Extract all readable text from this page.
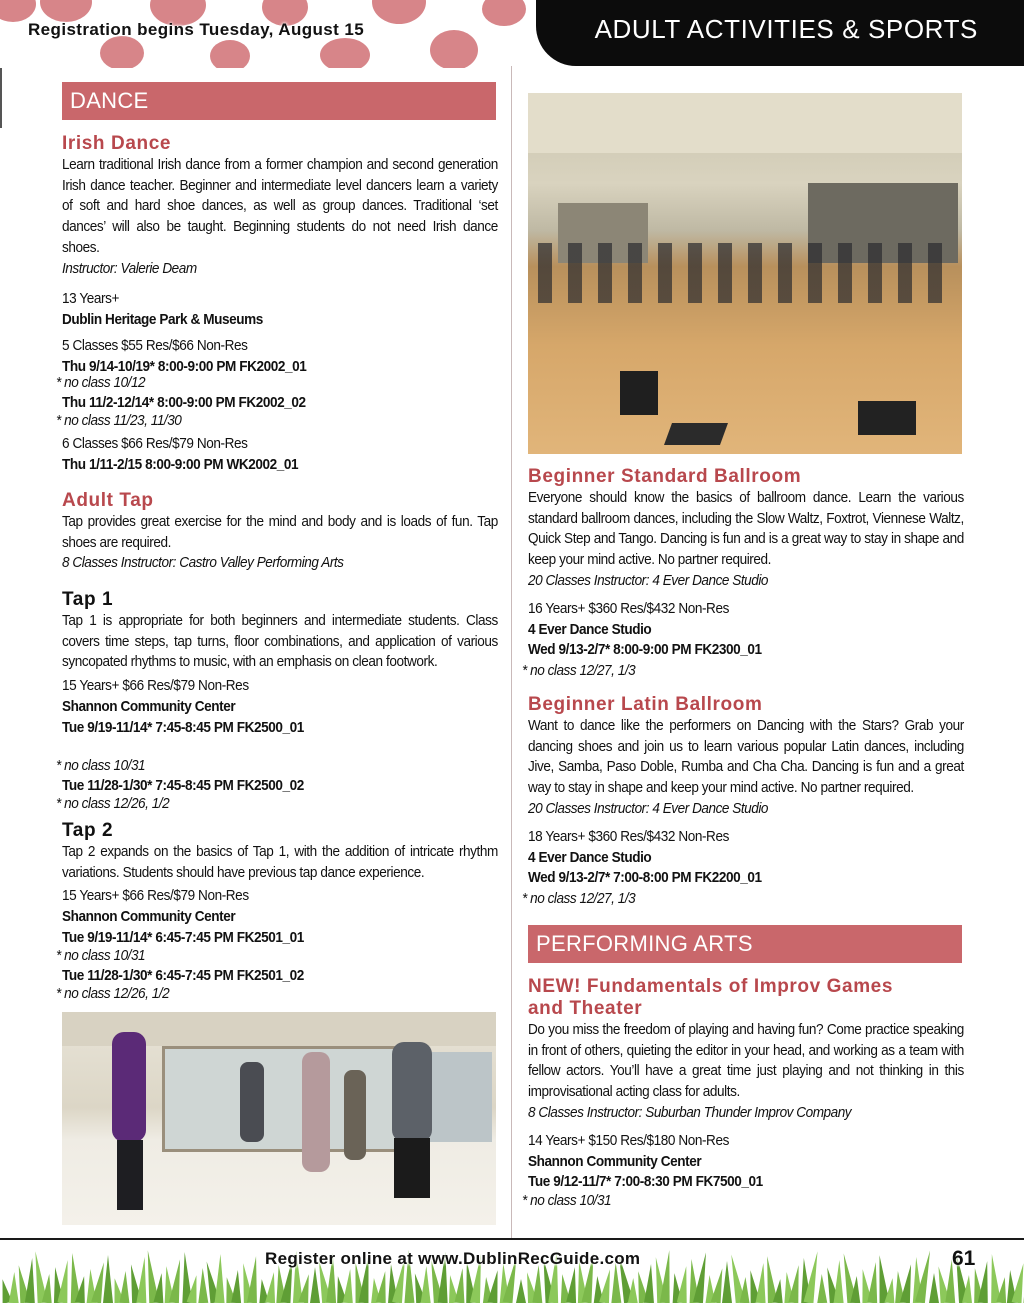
Registration begins Tuesday, August 15	ADULT ACTIVITIES & SPORTS
DANCE
Irish Dance
Learn traditional Irish dance from a former champion and second generation Irish dance teacher. Beginner and intermediate level dancers learn a variety of soft and hard shoe dances, as well as group dances. Traditional ‘set dances’ will also be taught. Beginning students do not need Irish dance shoes.
Instructor: Valerie Deam
13 Years+
Dublin Heritage Park & Museums
5 Classes $55 Res/$66 Non-Res
Thu 9/14-10/19* 8:00-9:00 PM FK2002_01
* no class 10/12
Thu 11/2-12/14* 8:00-9:00 PM FK2002_02
* no class 11/23, 11/30
6 Classes $66 Res/$79 Non-Res
Thu 1/11-2/15 8:00-9:00 PM WK2002_01
Adult Tap
Tap provides great exercise for the mind and body and is loads of fun. Tap shoes are required.
8 Classes Instructor: Castro Valley Performing Arts
Tap 1
Tap 1 is appropriate for both beginners and intermediate students. Class covers time steps, tap turns, floor combinations, and application of various syncopated rhythms to music, with an emphasis on clean footwork.
15 Years+ $66 Res/$79 Non-Res
Shannon Community Center
Tue 9/19-11/14* 7:45-8:45 PM FK2500_01
* no class 10/31
Tue 11/28-1/30* 7:45-8:45 PM FK2500_02
* no class 12/26, 1/2
Tap 2
Tap 2 expands on the basics of Tap 1, with the addition of intricate rhythm variations. Students should have previous tap dance experience.
15 Years+ $66 Res/$79 Non-Res
Shannon Community Center
Tue 9/19-11/14* 6:45-7:45 PM FK2501_01
* no class 10/31
Tue 11/28-1/30* 6:45-7:45 PM FK2501_02
* no class 12/26, 1/2
Beginner Standard Ballroom
Everyone should know the basics of ballroom dance. Learn the various standard ballroom dances, including the Slow Waltz, Foxtrot, Viennese Waltz, Quick Step and Tango. Dancing is fun and is a great way to stay in shape and keep your mind active. No partner required.
20 Classes Instructor: 4 Ever Dance Studio
16 Years+ $360 Res/$432 Non-Res
4 Ever Dance Studio
Wed 9/13-2/7* 8:00-9:00 PM FK2300_01
* no class 12/27, 1/3
Beginner Latin Ballroom
Want to dance like the performers on Dancing with the Stars? Grab your dancing shoes and join us to learn various popular Latin dances, including Jive, Samba, Paso Doble, Rumba and Cha Cha. Dancing is fun and a great way to stay in shape and keep your mind active. No partner required.
20 Classes Instructor: 4 Ever Dance Studio
18 Years+ $360 Res/$432 Non-Res
4 Ever Dance Studio
Wed 9/13-2/7* 7:00-8:00 PM FK2200_01
* no class 12/27, 1/3
PERFORMING ARTS
NEW! Fundamentals of Improv Games
and Theater
Do you miss the freedom of playing and having fun? Come practice speaking in front of others, quieting the editor in your head, and working as a team with fellow actors. You’ll have a great time just playing and not thinking in this improvisational acting class for adults.
8 Classes Instructor: Suburban Thunder Improv Company
14 Years+ $150 Res/$180 Non-Res
Shannon Community Center
Tue 9/12-11/7* 7:00-8:30 PM FK7500_01
* no class 10/31
Register online at www.DublinRecGuide.com	61
